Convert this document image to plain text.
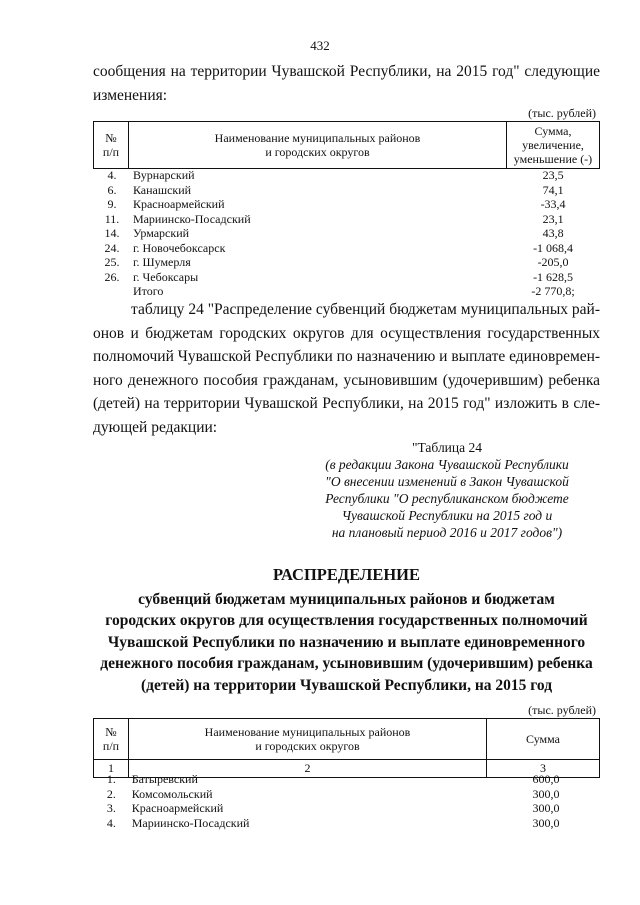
432
сообщения на территории Чувашской Республики, на 2015 год" следующие
изменения:
(тыс. рублей)
№
п/п	Наименование муниципальных районов
и городских округов	Сумма,
увеличение,
уменьшение (-)
4.	Вурнарский	23,5
6.	Канашский	74,1
9.	Красноармейский	-33,4
11.	Мариинско-Посадский	23,1
14.	Урмарский	43,8
24.	г. Новочебоксарск	-1 068,4
25.	г. Шумерля	-205,0
26.	г. Чебоксары	-1 628,5
	Итого	-2 770,8;
таблицу 24 "Распределение субвенций бюджетам муниципальных рай-
онов и бюджетам городских округов для осуществления государственных
полномочий Чувашской Республики по назначению и выплате единовремен-
ного денежного пособия гражданам, усыновившим (удочерившим) ребенка
(детей) на территории Чувашской Республики, на 2015 год" изложить в сле-
дующей редакции:
"Таблица 24
(в редакции Закона Чувашской Республики
"О внесении изменений в Закон Чувашской
Республики "О республиканском бюджете
Чувашской Республики на 2015 год и
на плановый период 2016 и 2017 годов")
РАСПРЕДЕЛЕНИЕ
субвенций бюджетам муниципальных районов и бюджетам
городских округов для осуществления государственных полномочий
Чувашской Республики по назначению и выплате единовременного
денежного пособия гражданам, усыновившим (удочерившим) ребенка
(детей) на территории Чувашской Республики, на 2015 год
(тыс. рублей)
№
п/п	Наименование муниципальных районов
и городских округов	Сумма
1	2	3
1.	Батыревский	600,0
2.	Комсомольский	300,0
3.	Красноармейский	300,0
4.	Мариинско-Посадский	300,0
